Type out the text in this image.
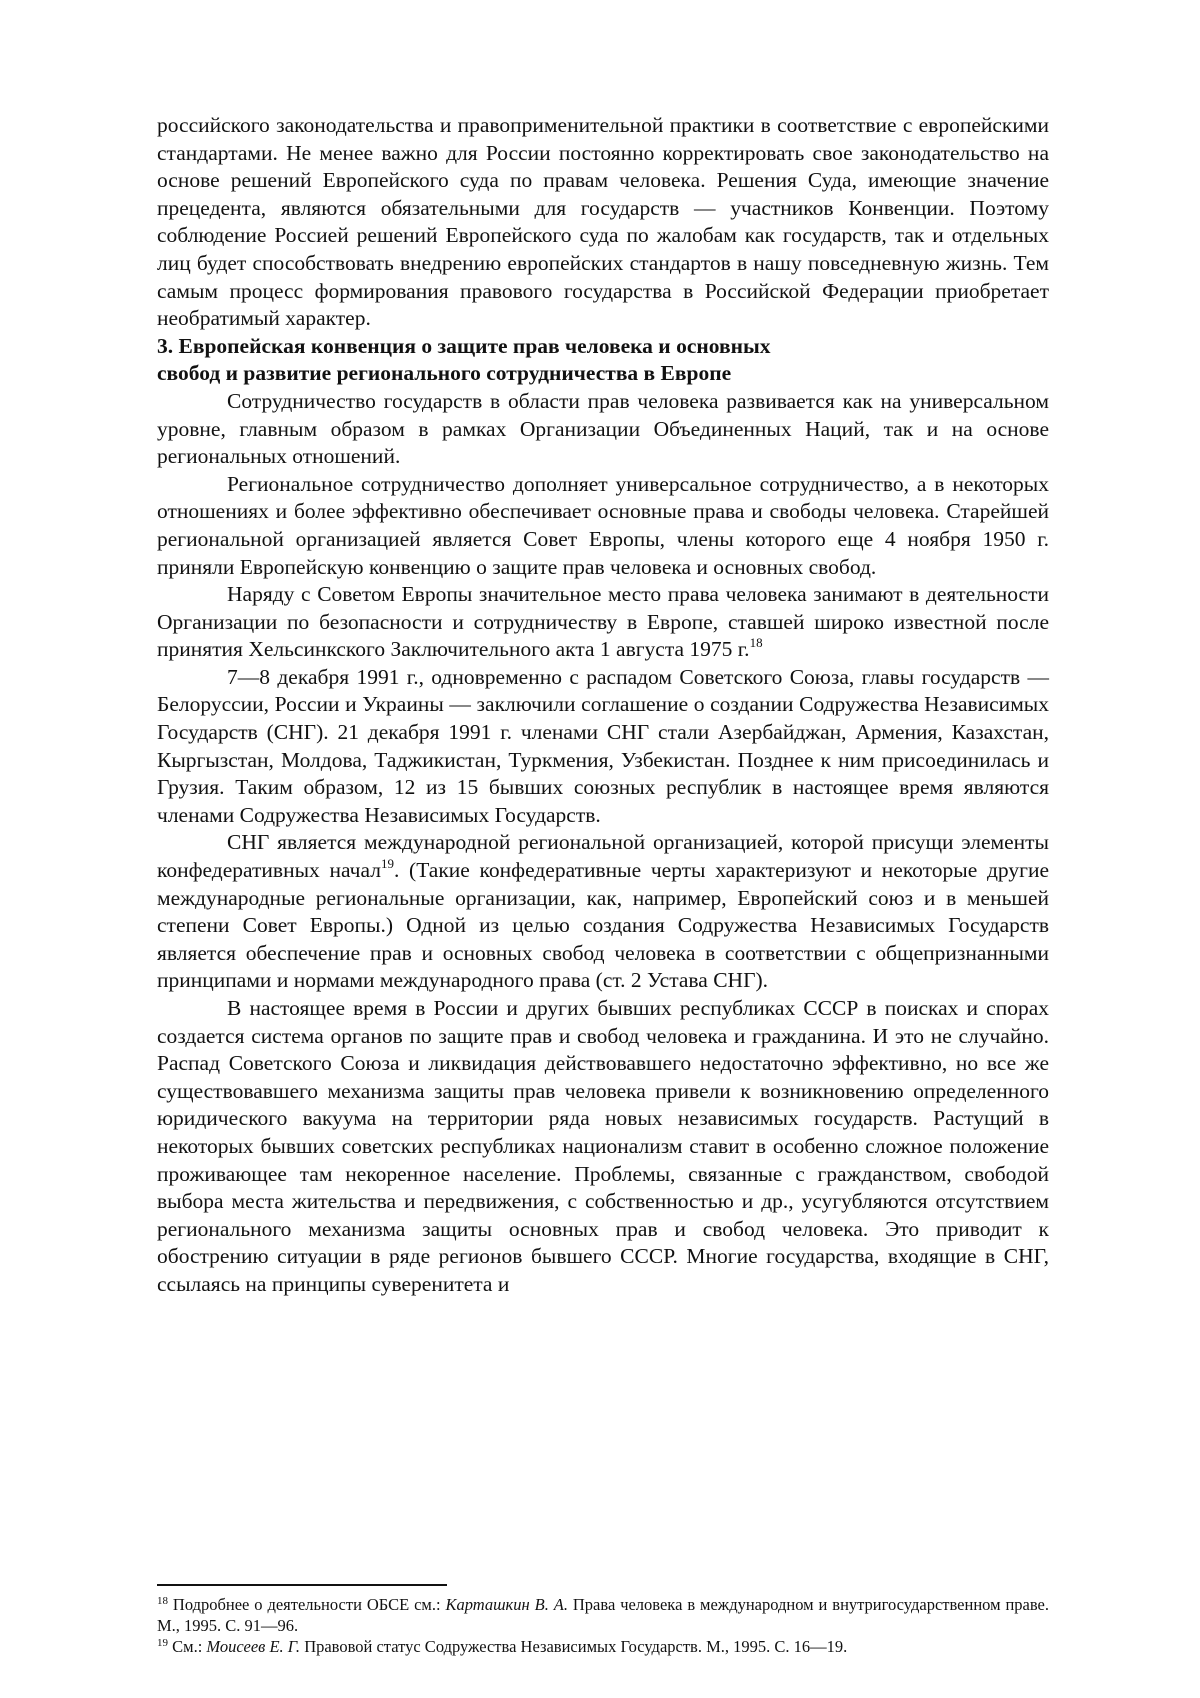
российского законодательства и правоприменительной практики в соответствие с европейскими стандартами. Не менее важно для России постоянно корректировать свое законодательство на основе решений Европейского суда по правам человека. Решения Суда, имеющие значение прецедента, являются обязательными для государств — участников Конвенции. Поэтому соблюдение Россией решений Европейского суда по жалобам как государств, так и отдельных лиц будет способствовать внедрению европейских стандартов в нашу повседневную жизнь. Тем самым процесс формирования правового государства в Российской Федерации приобретает необратимый характер.

3. Европейская конвенция о защите прав человека и основных

свобод и развитие регионального сотрудничества в Европе

Сотрудничество государств в области прав человека развивается как на универсальном уровне, главным образом в рамках Организации Объединенных Наций, так и на основе региональных отношений.

Региональное сотрудничество дополняет универсальное сотрудничество, а в некоторых отношениях и более эффективно обеспечивает основные права и свободы человека. Старейшей региональной организацией является Совет Европы, члены которого еще 4 ноября 1950 г. приняли Европейскую конвенцию о защите прав человека и основных свобод.

Наряду с Советом Европы значительное место права человека занимают в деятельности Организации по безопасности и сотрудничеству в Европе, ставшей широко известной после принятия Хельсинкского Заключительного акта 1 августа 1975 г.$^{18}$

7—8 декабря 1991 г., одновременно с распадом Советского Союза, главы государств — Белоруссии, России и Украины — заключили соглашение о создании Содружества Независимых Государств (СНГ). 21 декабря 1991 г. членами СНГ стали Азербайджан, Армения, Казахстан, Кыргызстан, Молдова, Таджикистан, Туркмения, Узбекистан. Позднее к ним присоединилась и Грузия. Таким образом, 12 из 15 бывших союзных республик в настоящее время являются членами Содружества Независимых Государств.

СНГ является международной региональной организацией, которой присущи элементы конфедеративных начал$^{19}$. (Такие конфедеративные черты характеризуют и некоторые другие международные региональные организации, как, например, Европейский союз и в меньшей степени Совет Европы.) Одной из целью создания Содружества Независимых Государств является обеспечение прав и основных свобод человека в соответствии с общепризнанными принципами и нормами международного права (ст. 2 Устава СНГ).

В настоящее время в России и других бывших республиках СССР в поисках и спорах создается система органов по защите прав и свобод человека и гражданина. И это не случайно. Распад Советского Союза и ликвидация действовавшего недостаточно эффективно, но все же существовавшего механизма защиты прав человека привели к возникновению определенного юридического вакуума на территории ряда новых независимых государств. Растущий в некоторых бывших советских республиках национализм ставит в особенно сложное положение проживающее там некоренное население. Проблемы, связанные с гражданством, свободой выбора места жительства и передвижения, с собственностью и др., усугубляются отсутствием регионального механизма защиты основных прав и свобод человека. Это приводит к обострению ситуации в ряде регионов бывшего СССР. Многие государства, входящие в СНГ, ссылаясь на принципы суверенитета и

$^{18}$ Подробнее о деятельности ОБСЕ см.: Карташкин В. А. Права человека в международном и внутригосударственном праве. М., 1995. С. 91—96.

$^{19}$ См.: Моисеев Е. Г. Правовой статус Содружества Независимых Государств. М., 1995. С. 16—19.
